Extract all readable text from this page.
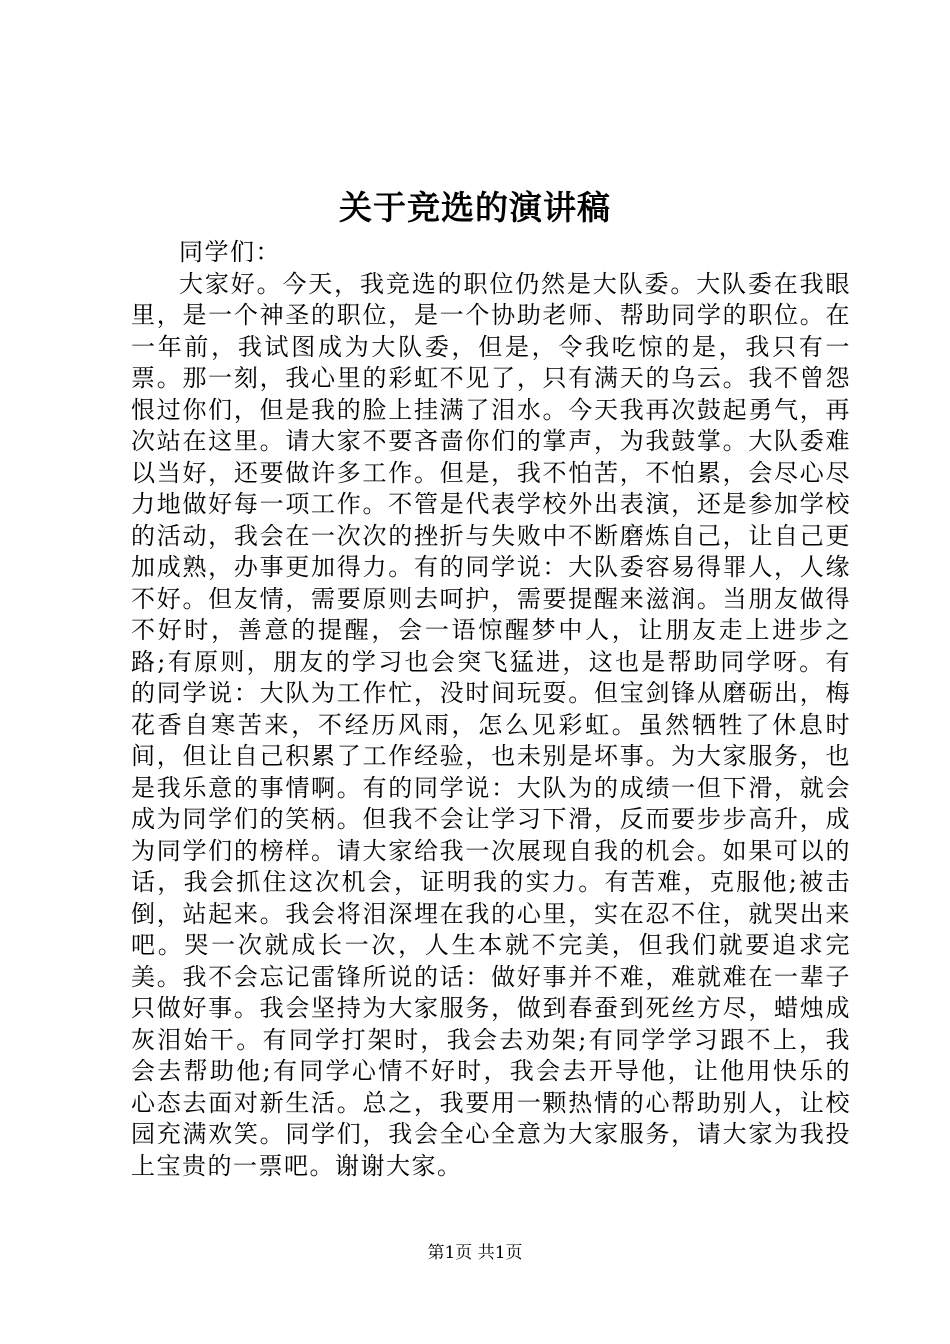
关于竞选的演讲稿

同学们：

大家好。今天，我竞选的职位仍然是大队委。大队委在我眼里，是一个神圣的职位，是一个协助老师、帮助同学的职位。在一年前，我试图成为大队委，但是，令我吃惊的是，我只有一票。那一刻，我心里的彩虹不见了，只有满天的乌云。我不曾怨恨过你们，但是我的脸上挂满了泪水。今天我再次鼓起勇气，再次站在这里。请大家不要吝啬你们的掌声，为我鼓掌。大队委难以当好，还要做许多工作。但是，我不怕苦，不怕累，会尽心尽力地做好每一项工作。不管是代表学校外出表演，还是参加学校的活动，我会在一次次的挫折与失败中不断磨炼自己，让自己更加成熟，办事更加得力。有的同学说：大队委容易得罪人，人缘不好。但友情，需要原则去呵护，需要提醒来滋润。当朋友做得不好时，善意的提醒，会一语惊醒梦中人，让朋友走上进步之路;有原则，朋友的学习也会突飞猛进，这也是帮助同学呀。有的同学说：大队为工作忙，没时间玩耍。但宝剑锋从磨砺出，梅花香自寒苦来，不经历风雨，怎么见彩虹。虽然牺牲了休息时间，但让自己积累了工作经验，也未别是坏事。为大家服务，也是我乐意的事情啊。有的同学说：大队为的成绩一但下滑，就会成为同学们的笑柄。但我不会让学习下滑，反而要步步高升，成为同学们的榜样。请大家给我一次展现自我的机会。如果可以的话，我会抓住这次机会，证明我的实力。有苦难，克服他;被击倒，站起来。我会将泪深埋在我的心里，实在忍不住，就哭出来吧。哭一次就成长一次，人生本就不完美，但我们就要追求完美。我不会忘记雷锋所说的话：做好事并不难，难就难在一辈子只做好事。我会坚持为大家服务，做到春蚕到死丝方尽，蜡烛成灰泪始干。有同学打架时，我会去劝架;有同学学习跟不上，我会去帮助他;有同学心情不好时，我会去开导他，让他用快乐的心态去面对新生活。总之，我要用一颗热情的心帮助别人，让校园充满欢笑。同学们，我会全心全意为大家服务，请大家为我投上宝贵的一票吧。谢谢大家。

第1页 共1页
